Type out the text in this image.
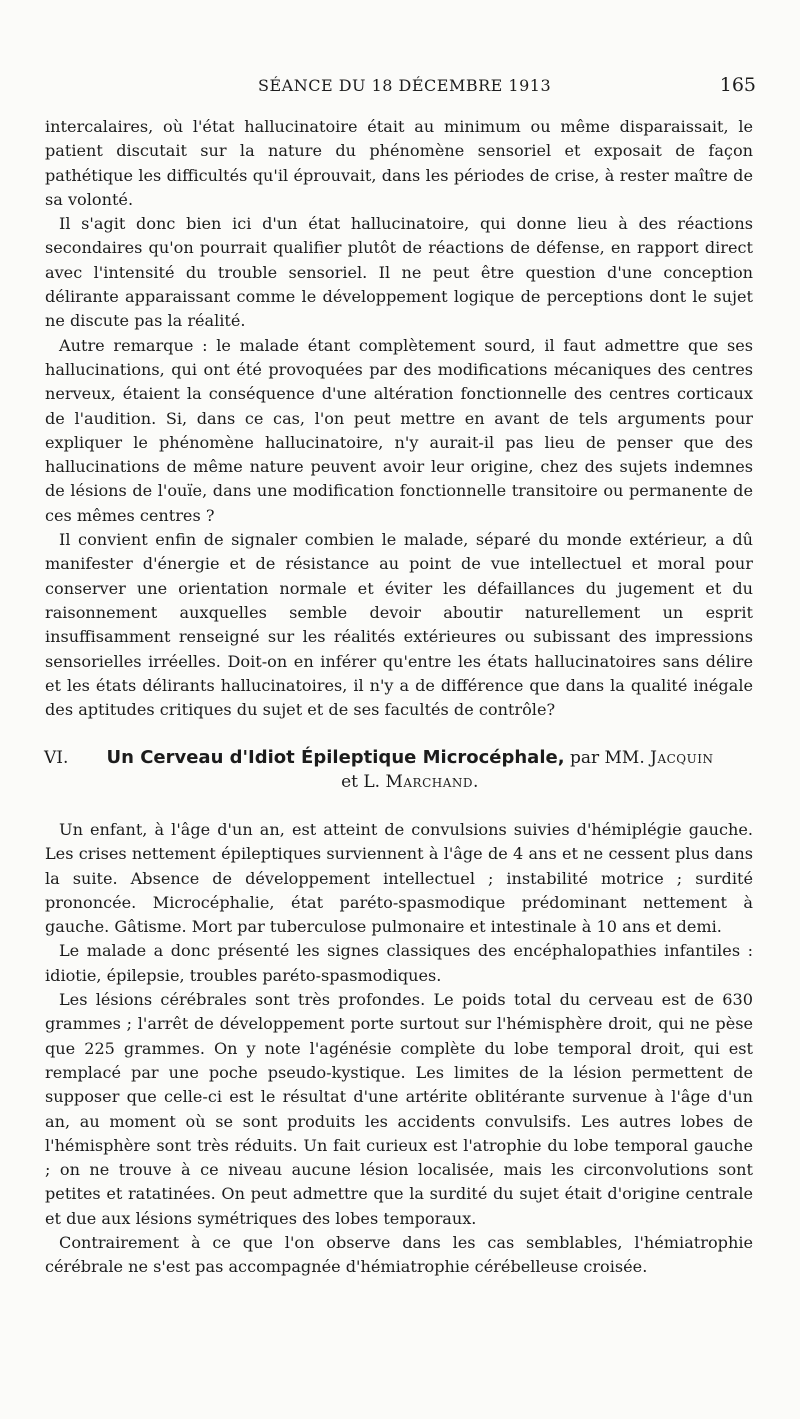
SÉANCE DU 18 DÉCEMBRE 1913	165

intercalaires, où l'état hallucinatoire était au minimum ou même disparaissait, le patient discutait sur la nature du phénomène sensoriel et exposait de façon pathétique les difficultés qu'il éprouvait, dans les périodes de crise, à rester maître de sa volonté.

Il s'agit donc bien ici d'un état hallucinatoire, qui donne lieu à des réactions secondaires qu'on pourrait qualifier plutôt de réactions de défense, en rapport direct avec l'intensité du trouble sensoriel. Il ne peut être question d'une conception délirante apparaissant comme le développement logique de perceptions dont le sujet ne discute pas la réalité.

Autre remarque : le malade étant complètement sourd, il faut admettre que ses hallucinations, qui ont été provoquées par des modifications mécaniques des centres nerveux, étaient la conséquence d'une altération fonctionnelle des centres corticaux de l'audition. Si, dans ce cas, l'on peut mettre en avant de tels arguments pour expliquer le phénomène hallucinatoire, n'y aurait-il pas lieu de penser que des hallucinations de même nature peuvent avoir leur origine, chez des sujets indemnes de lésions de l'ouïe, dans une modification fonctionnelle transitoire ou permanente de ces mêmes centres ?

Il convient enfin de signaler combien le malade, séparé du monde extérieur, a dû manifester d'énergie et de résistance au point de vue intellectuel et moral pour conserver une orientation normale et éviter les défaillances du jugement et du raisonnement auxquelles semble devoir aboutir naturellement un esprit insuffisamment renseigné sur les réalités extérieures ou subissant des impressions sensorielles irréelles. Doit-on en inférer qu'entre les états hallucinatoires sans délire et les états délirants hallucinatoires, il n'y a de différence que dans la qualité inégale des aptitudes critiques du sujet et de ses facultés de contrôle?

VI.	Un Cerveau d'Idiot Épileptique Microcéphale, par MM. Jacquin
et L. Marchand.

Un enfant, à l'âge d'un an, est atteint de convulsions suivies d'hémiplégie gauche. Les crises nettement épileptiques surviennent à l'âge de 4 ans et ne cessent plus dans la suite. Absence de développement intellectuel ; instabilité motrice ; surdité prononcée. Microcéphalie, état paréto-spasmodique prédominant nettement à gauche. Gâtisme. Mort par tuberculose pulmonaire et intestinale à 10 ans et demi.

Le malade a donc présenté les signes classiques des encéphalopathies infantiles : idiotie, épilepsie, troubles paréto-spasmodiques.

Les lésions cérébrales sont très profondes. Le poids total du cerveau est de 630 grammes ; l'arrêt de développement porte surtout sur l'hémisphère droit, qui ne pèse que 225 grammes. On y note l'agénésie complète du lobe temporal droit, qui est remplacé par une poche pseudo-kystique. Les limites de la lésion permettent de supposer que celle-ci est le résultat d'une artérite oblitérante survenue à l'âge d'un an, au moment où se sont produits les accidents convulsifs. Les autres lobes de l'hémisphère sont très réduits. Un fait curieux est l'atrophie du lobe temporal gauche ; on ne trouve à ce niveau aucune lésion localisée, mais les circonvolutions sont petites et ratatinées. On peut admettre que la surdité du sujet était d'origine centrale et due aux lésions symétriques des lobes temporaux.

Contrairement à ce que l'on observe dans les cas semblables, l'hémiatrophie cérébrale ne s'est pas accompagnée d'hémiatrophie cérébelleuse croisée.
